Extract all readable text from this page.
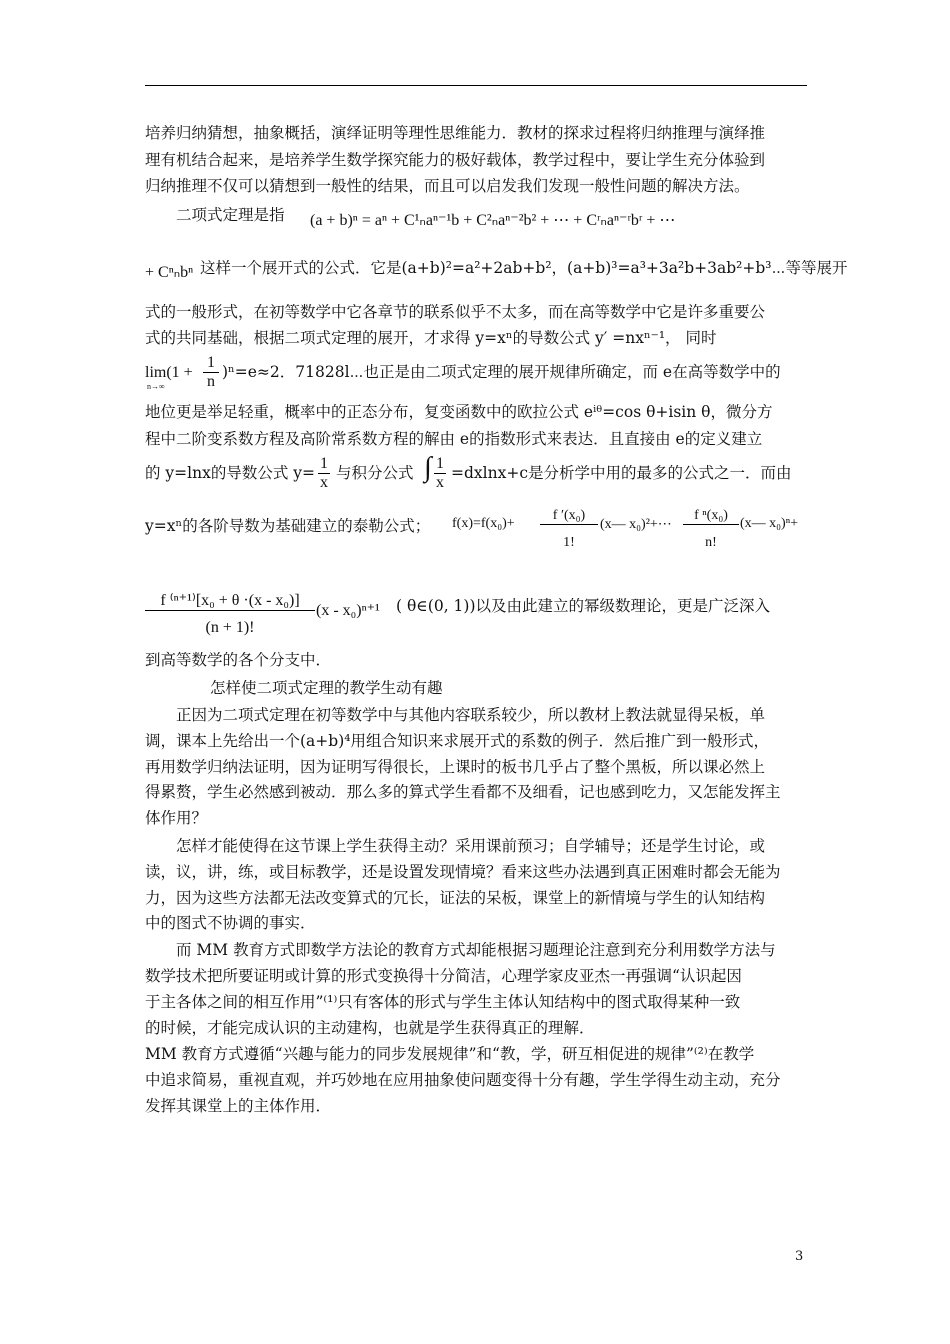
培养归纳猜想，抽象概括，演绎证明等理性思维能力．教材的探求过程将归纳推理与演绎推
理有机结合起来，是培养学生数学探究能力的极好载体，教学过程中，要让学生充分体验到
归纳推理不仅可以猜想到一般性的结果，而且可以启发我们发现一般性问题的解决方法。
二项式定理是指	(a + b)ⁿ = aⁿ + C¹ₙaⁿ⁻¹b + C²ₙaⁿ⁻²b² + ⋯ + Cʳₙaⁿ⁻ʳbʳ + ⋯
+ Cⁿₙbⁿ 这样一个展开式的公式．它是(a+b)²=a²+2ab+b²，(a+b)³=a³+3a²b+3ab²+b³⋯等等展开
式的一般形式，在初等数学中它各章节的联系似乎不太多，而在高等数学中它是许多重要公
式的共同基础，根据二项式定理的展开，才求得 y=xⁿ的导数公式 y′ =nxⁿ⁻¹， 同时
lim(1 +
$n\to\infty \frac{1}{n} )^n=e\approx 2$．71828l⋯也正是由二项式定理的展开规律所确定，而 e在高等数学中的
地位更是举足轻重，概率中的正态分布，复变函数中的欧拉公式 eⁱᶿ=cos θ+isin θ，微分方
程中二阶变系数方程及高阶常系数方程的解由 e的指数形式来表达．且直接由 e的定义建立
的 y=lnx的导数公式 $y= \frac{1}{x}$ 与积分公式 ∫ $\frac{1}{x} =dxlnx+c$是分析学中用的最多的公式之一．而由
y=xⁿ的各阶导数为基础建立的泰勒公式；	$f(x)=f(x_0)+ \frac{\text{f ′(x₀)}}{1!}$ (x— x₀)²+⋯ $\frac{\text{f ⁿ(x₀)}}{n!}$ (x— x₀)ⁿ+
$\frac{\text{f ⁽ⁿ⁺¹⁾[x₀ + θ ·(x - x₀)]}}{(n + 1)!} (x - x_0)^{n+1}$ ( θ∈(0, 1))以及由此建立的幂级数理论，更是广泛深入
到高等数学的各个分支中．
怎样使二项式定理的教学生动有趣
正因为二项式定理在初等数学中与其他内容联系较少，所以教材上教法就显得呆板，单
调，课本上先给出一个(a+b)⁴用组合知识来求展开式的系数的例子．然后推广到一般形式，
再用数学归纳法证明，因为证明写得很长，上课时的板书几乎占了整个黑板，所以课必然上
得累赘，学生必然感到被动．那么多的算式学生看都不及细看，记也感到吃力，又怎能发挥主
体作用？
怎样才能使得在这节课上学生获得主动？采用课前预习；自学辅导；还是学生讨论，或
读，议，讲，练，或目标教学，还是设置发现情境？看来这些办法遇到真正困难时都会无能为
力，因为这些方法都无法改变算式的冗长，证法的呆板，课堂上的新情境与学生的认知结构
中的图式不协调的事实．
而 MM 教育方式即数学方法论的教育方式却能根据习题理论注意到充分利用数学方法与
数学技术把所要证明或计算的形式变换得十分简洁，心理学家皮亚杰一再强调“认识起因
于主各体之间的相互作用”⁽¹⁾只有客体的形式与学生主体认知结构中的图式取得某种一致
的时候，才能完成认识的主动建构，也就是学生获得真正的理解．
MM 教育方式遵循“兴趣与能力的同步发展规律”和“教，学，研互相促进的规律”⁽²⁾在教学
中追求简易，重视直观，并巧妙地在应用抽象使问题变得十分有趣，学生学得生动主动，充分
发挥其课堂上的主体作用．
3
